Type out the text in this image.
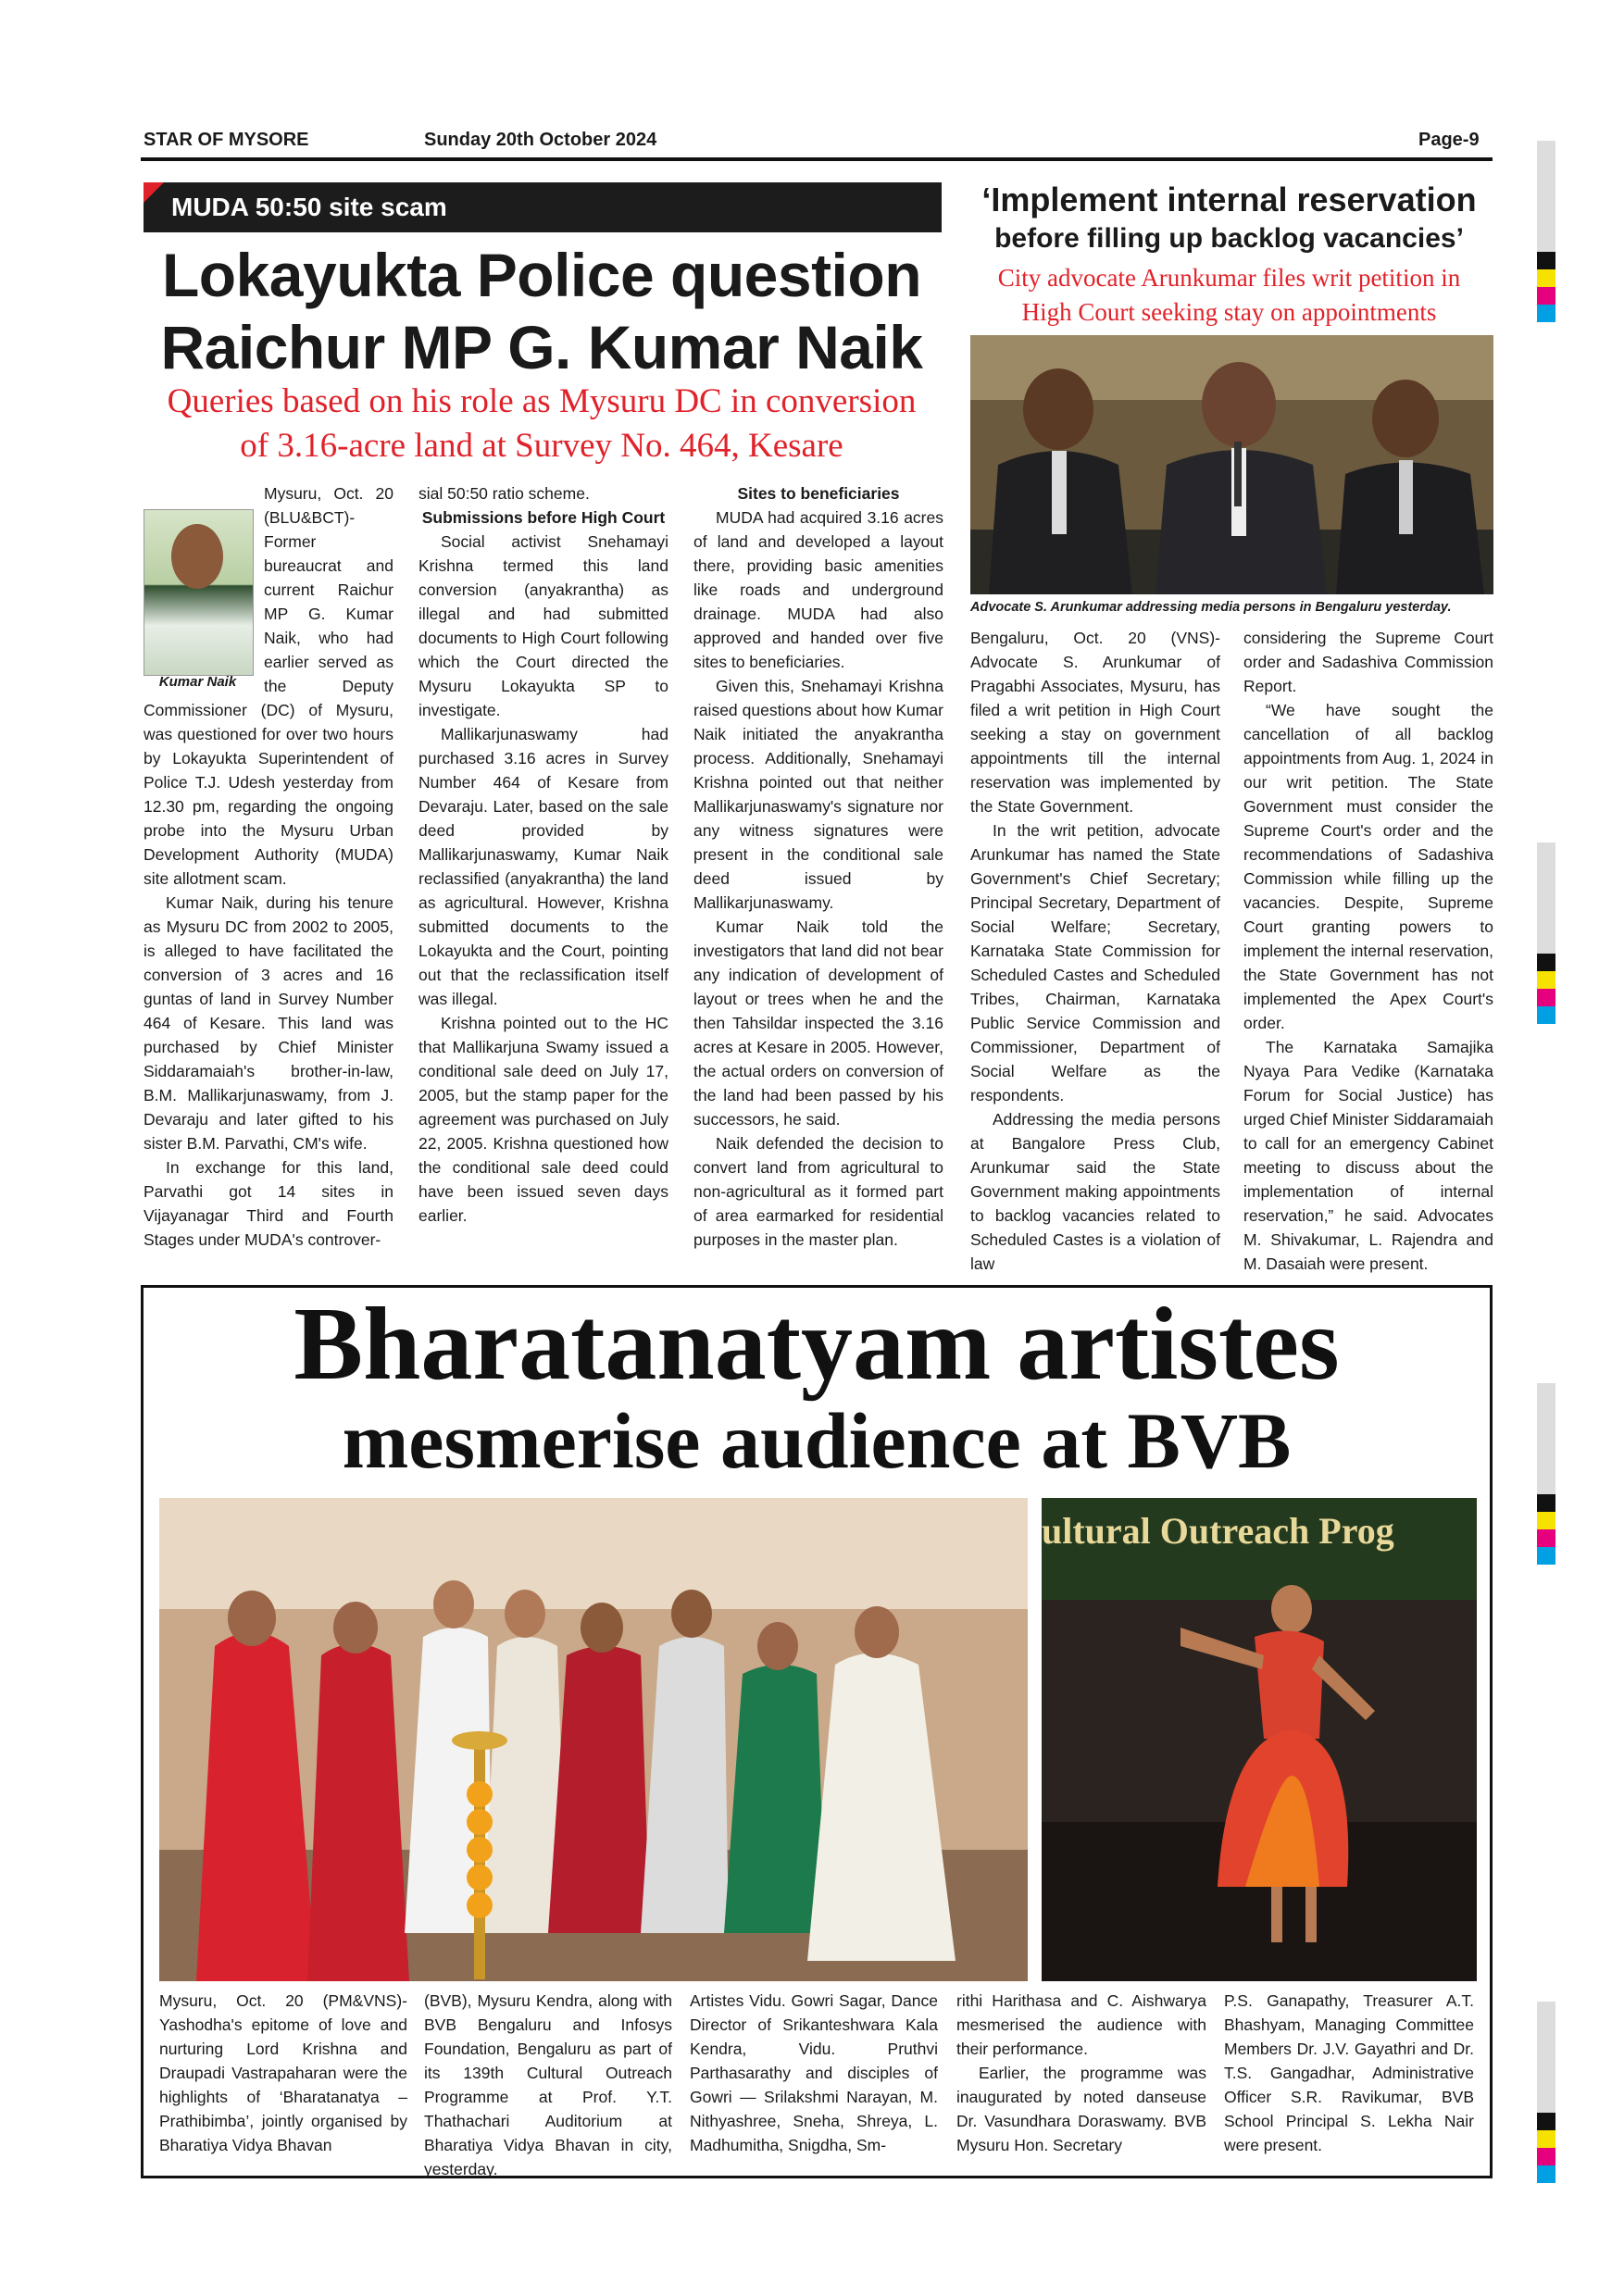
STAR OF MYSORE	Sunday 20th October 2024	Page-9
MUDA 50:50 site scam
Lokayukta Police question
Raichur MP G. Kumar Naik
Queries based on his role as Mysuru DC in conversion
of 3.16-acre land at Survey No. 464, Kesare
Kumar Naik

Mysuru, Oct. 20 (BLU&BCT)- Former bureaucrat and current Raichur MP G. Kumar Naik, who had earlier served as the Deputy Commissioner (DC) of Mysuru, was questioned for over two hours by Lokayukta Superintendent of Police T.J. Udesh yesterday from 12.30 pm, regarding the ongoing probe into the Mysuru Urban Development Authority (MUDA) site allotment scam.

Kumar Naik, during his tenure as Mysuru DC from 2002 to 2005, is alleged to have facilitated the conversion of 3 acres and 16 guntas of land in Survey Number 464 of Kesare. This land was purchased by Chief Minister Siddaramaiah's brother-in-law, B.M. Mallikarjunaswamy, from J. Devaraju and later gifted to his sister B.M. Parvathi, CM's wife.

In exchange for this land, Parvathi got 14 sites in Vijayanagar Third and Fourth Stages under MUDA's controver-

sial 50:50 ratio scheme.

Submissions before High Court

Social activist Snehamayi Krishna termed this land conversion (anyakrantha) as illegal and had submitted documents to High Court following which the Court directed the Mysuru Lokayukta SP to investigate.

Mallikarjunaswamy had purchased 3.16 acres in Survey Number 464 of Kesare from Devaraju. Later, based on the sale deed provided by Mallikarjunaswamy, Kumar Naik reclassified (anyakrantha) the land as agricultural. However, Krishna submitted documents to the Lokayukta and the Court, pointing out that the reclassification itself was illegal.

Krishna pointed out to the HC that Mallikarjuna Swamy issued a conditional sale deed on July 17, 2005, but the stamp paper for the agreement was purchased on July 22, 2005. Krishna questioned how the conditional sale deed could have been issued seven days earlier.

Sites to beneficiaries

MUDA had acquired 3.16 acres of land and developed a layout there, providing basic amenities like roads and underground drainage. MUDA had also approved and handed over five sites to beneficiaries.

Given this, Snehamayi Krishna raised questions about how Kumar Naik initiated the anyakrantha process. Additionally, Snehamayi Krishna pointed out that neither Mallikarjunaswamy's signature nor any witness signatures were present in the conditional sale deed issued by Mallikarjunaswamy.

Kumar Naik told the investigators that land did not bear any indication of development of layout or trees when he and the then Tahsildar inspected the 3.16 acres at Kesare in 2005. However, the actual orders on conversion of the land had been passed by his successors, he said.

Naik defended the decision to convert land from agricultural to non-agricultural as it formed part of area earmarked for residential purposes in the master plan.

‘Implement internal reservation
before filling up backlog vacancies’
City advocate Arunkumar files writ petition in
High Court seeking stay on appointments
Advocate S. Arunkumar addressing media persons in Bengaluru yesterday.

Bengaluru, Oct. 20 (VNS)- Advocate S. Arunkumar of Pragabhi Associates, Mysuru, has filed a writ petition in High Court seeking a stay on government appointments till the internal reservation was implemented by the State Government.

In the writ petition, advocate Arunkumar has named the State Government's Chief Secretary; Principal Secretary, Department of Social Welfare; Secretary, Karnataka State Commission for Scheduled Castes and Scheduled Tribes, Chairman, Karnataka Public Service Commission and Commissioner, Department of Social Welfare as the respondents.

Addressing the media persons at Bangalore Press Club, Arunkumar said the State Government making appointments to backlog vacancies related to Scheduled Castes is a violation of law

considering the Supreme Court order and Sadashiva Commission Report.

“We have sought the cancellation of all backlog appointments from Aug. 1, 2024 in our writ petition. The State Government must consider the Supreme Court's order and the recommendations of Sadashiva Commission while filling up the vacancies. Despite, Supreme Court granting powers to implement the internal reservation, the State Government has not implemented the Apex Court's order.

The Karnataka Samajika Nyaya Para Vedike (Karnataka Forum for Social Justice) has urged Chief Minister Siddaramaiah to call for an emergency Cabinet meeting to discuss about the implementation of internal reservation,” he said. Advocates M. Shivakumar, L. Rajendra and M. Dasaiah were present.

Bharatanatyam artistes
mesmerise audience at BVB
ultural Outreach Prog
Mysuru, Oct. 20 (PM&VNS)- Yashodha's epitome of love and nurturing Lord Krishna and Draupadi Vastrapaharan were the highlights of ‘Bharatanatya – Prathibimba’, jointly organised by Bharatiya Vidya Bhavan
(BVB), Mysuru Kendra, along with BVB Bengaluru and Infosys Foundation, Bengaluru as part of its 139th Cultural Outreach Programme at Prof. Y.T. Thathachari Auditorium at Bharatiya Vidya Bhavan in city, yesterday.
Artistes Vidu. Gowri Sagar, Dance Director of Srikanteshwara Kala Kendra, Vidu. Pruthvi Parthasarathy and disciples of Gowri — Srilakshmi Narayan, M. Nithyashree, Sneha, Shreya, L. Madhumitha, Snigdha, Sm-
rithi Harithasa and C. Aishwarya mesmerised the audience with their performance.
Earlier, the programme was inaugurated by noted danseuse Dr. Vasundhara Doraswamy. BVB Mysuru Hon. Secretary
P.S. Ganapathy, Treasurer A.T. Bhashyam, Managing Committee Members Dr. J.V. Gayathri and Dr. T.S. Gangadhar, Administrative Officer S.R. Ravikumar, BVB School Principal S. Lekha Nair were present.
